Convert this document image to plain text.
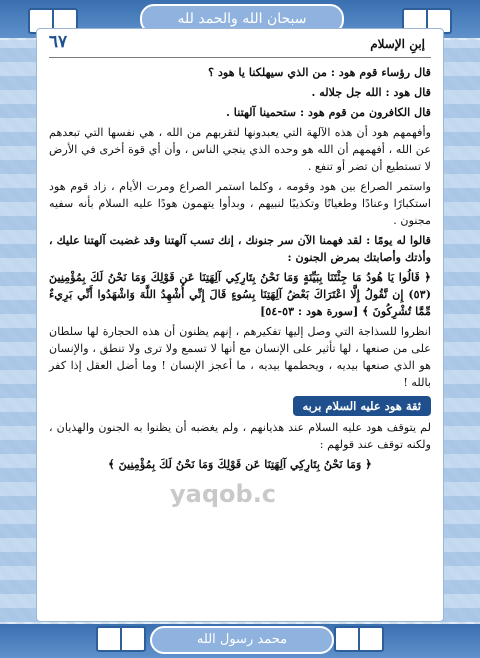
سبحان الله والحمد لله
محمد رسول الله
إبنِ الإسلام
٦٧

قال رؤساء قوم هود : من الذي سيهلكنا يا هود ؟

قال هود : الله جل جلاله .

قال الكافرون من قوم هود : ستحمينا آلهتنا .

وأفهمهم هود أن هذه الآلهة التي يعبدونها لتقربهم من الله ، هي نفسها التي تبعدهم عن الله ، أفهمهم أن الله هو وحده الذي ينجي الناس ، وأن أي قوة أخرى في الأرض لا تستطيع أن تضر أو تنفع .

واستمر الصراع بين هود وقومه ، وكلما استمر الصراع ومرت الأيام ، زاد قوم هود استكبارًا وعنادًا وطغيانًا وتكذيبًا لنبيهم ، وبدأوا يتهمون هودًا عليه السلام بأنه سفيه مجنون .

قالوا له يومًا : لقد فهمنا الآن سر جنونك ، إنك تسب آلهتنا وقد غضبت آلهتنا عليك ، وأذتك وأصابتك بمرض الجنون :

﴿ قَالُوا يَا هُودُ مَا جِئْتَنَا بِبَيِّنَةٍ وَمَا نَحْنُ بِتَارِكِي آلِهَتِنَا عَن قَوْلِكَ وَمَا نَحْنُ لَكَ بِمُؤْمِنِينَ (٥٣) إِن نَّقُولُ إِلَّا اعْتَرَاكَ بَعْضُ آلِهَتِنَا بِسُوءٍ قَالَ إِنِّي أُشْهِدُ اللَّهَ وَاشْهَدُوا أَنِّي بَرِيءٌ مِّمَّا تُشْرِكُونَ ﴾ [سورة هود : ٥٣-٥٤]

انظروا للسذاجة التي وصل إليها تفكيرهم ، إنهم يظنون أن هذه الحجارة لها سلطان على من صنعها ، لها تأثير على الإنسان مع أنها لا تسمع ولا ترى ولا تنطق ، والإنسان هو الذي صنعها بيديه ، ويحطمها بيديه ، ما أعجز الإنسان ! وما أضل العقل إذا كفر بالله !

ثقة هود عليه السلام بربه

لم يتوقف هود عليه السلام عند هذيانهم ، ولم يغضبه أن يظنوا به الجنون والهذيان ، ولكنه توقف عند قولهم :

﴿ وَمَا نَحْنُ بِتَارِكِي آلِهَتِنَا عَن قَوْلِكَ وَمَا نَحْنُ لَكَ بِمُؤْمِنِينَ ﴾
yaqob.c
